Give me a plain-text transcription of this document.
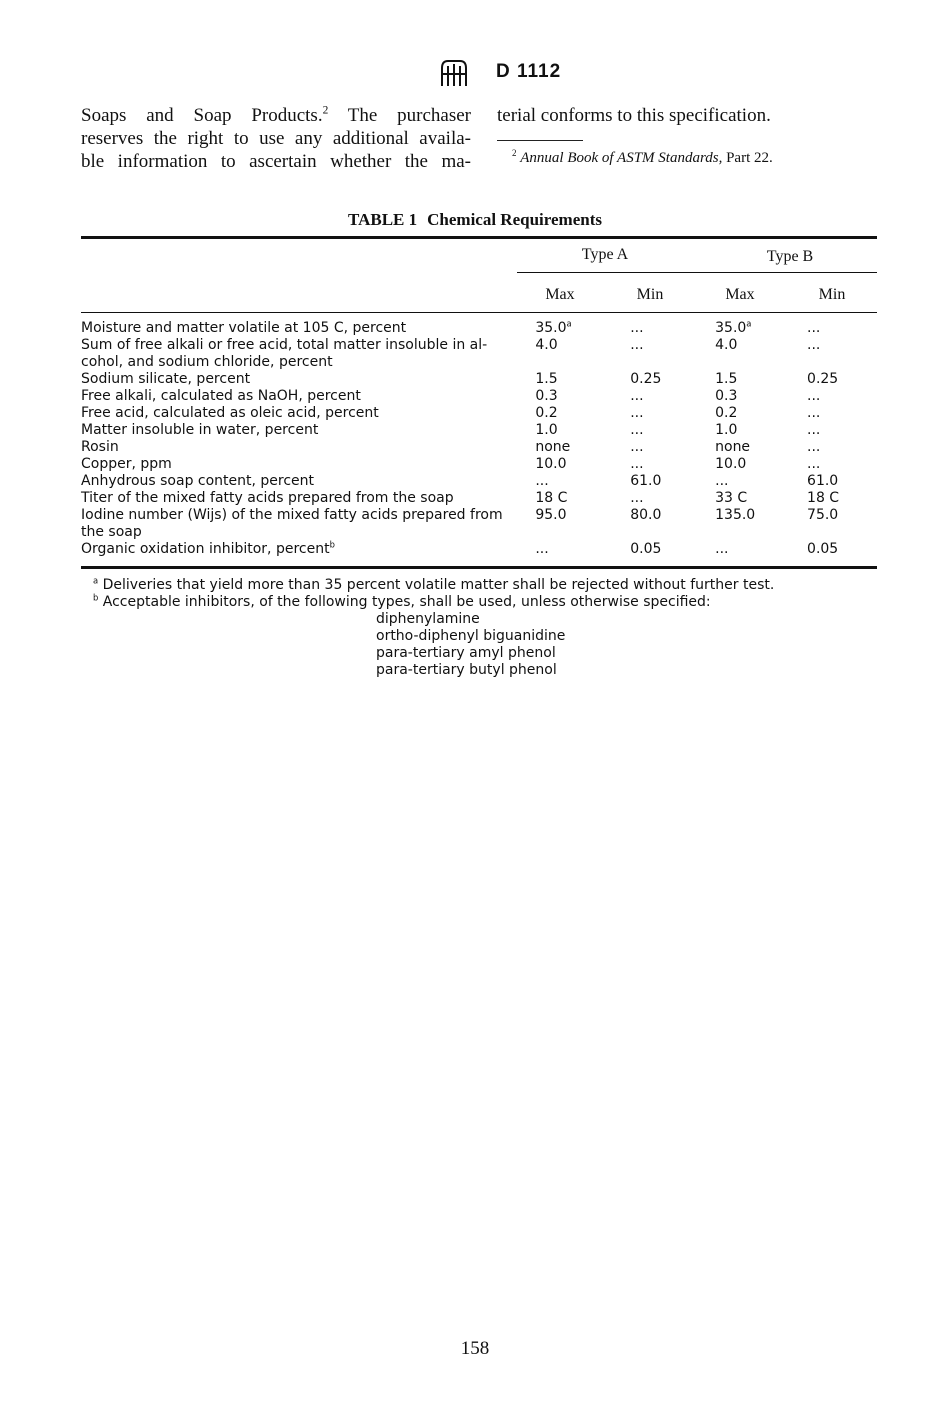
D 1112
Soaps and Soap Products.$^2$ The purchaser
reserves the right to use any additional availa-
ble information to ascertain whether the ma-
terial conforms to this specification.
$^2$ Annual Book of ASTM Standards, Part 22.
TABLE 1 Chemical Requirements
Type A	Type B
Max	Min	Max	Min
Moisture and matter volatile at 105 C, percent	35.0$^a$	...	35.0$^a$	...
Sum of free alkali or free acid, total matter insoluble in al-
cohol, and sodium chloride, percent	4.0	...	4.0	...
Sodium silicate, percent	1.5	0.25	1.5	0.25
Free alkali, calculated as NaOH, percent	0.3	...	0.3	...
Free acid, calculated as oleic acid, percent	0.2	...	0.2	...
Matter insoluble in water, percent	1.0	...	1.0	...
Rosin	none	...	none	...
Copper, ppm	10.0	...	10.0	...
Anhydrous soap content, percent	...	61.0	...	61.0
Titer of the mixed fatty acids prepared from the soap	18 C	...	33 C	18 C
Iodine number (Wijs) of the mixed fatty acids prepared from
the soap	95.0	80.0	135.0	75.0
Organic oxidation inhibitor, percent$^b$	...	0.05	...	0.05
$^a$ Deliveries that yield more than 35 percent volatile matter shall be rejected without further test.
$^b$ Acceptable inhibitors, of the following types, shall be used, unless otherwise specified:
diphenylamine
ortho-diphenyl biguanidine
para-tertiary amyl phenol
para-tertiary butyl phenol
158
